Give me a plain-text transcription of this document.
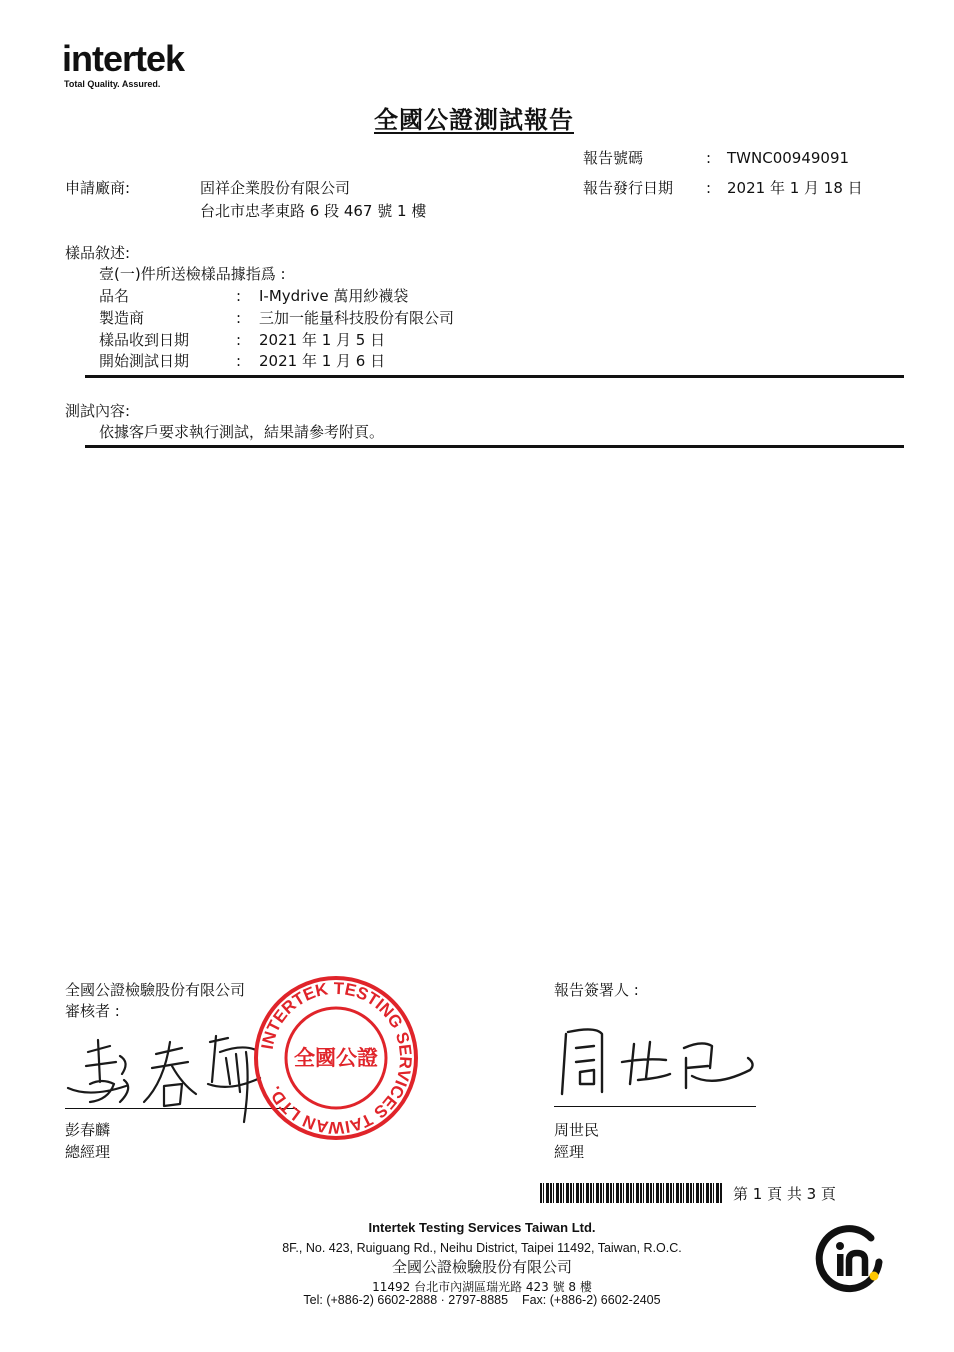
intertek
Total Quality. Assured.
全國公證測試報告
報告號碼	: TWNC00949091
報告發行日期 : 2021 年 1 月 18 日
申請廠商:	固祥企業股份有限公司
台北市忠孝東路 6 段 467 號 1 樓
樣品敘述:
壹(一)件所送檢樣品據指爲 :
品名	: I-Mydrive 萬用紗襪袋
製造商	: 三加一能量科技股份有限公司
樣品收到日期	: 2021 年 1 月 5 日
開始測試日期	: 2021 年 1 月 6 日
測試內容:
依據客戶要求執行測試，結果請參考附頁。
全國公證檢驗股份有限公司
審核者 :
彭春麟
總經理
INTERTEK TESTING SERVICES TAIWAN LTD.
全國公證
報告簽署人 :
周世民
經理
第 1 頁 共 3 頁
Intertek Testing Services Taiwan Ltd.
8F., No. 423, Ruiguang Rd., Neihu District, Taipei 11492, Taiwan, R.O.C.
全國公證檢驗股份有限公司
11492 台北市內湖區瑞光路 423 號 8 樓
Tel: (+886-2) 6602-2888 · 2797-8885    Fax: (+886-2) 6602-2405
